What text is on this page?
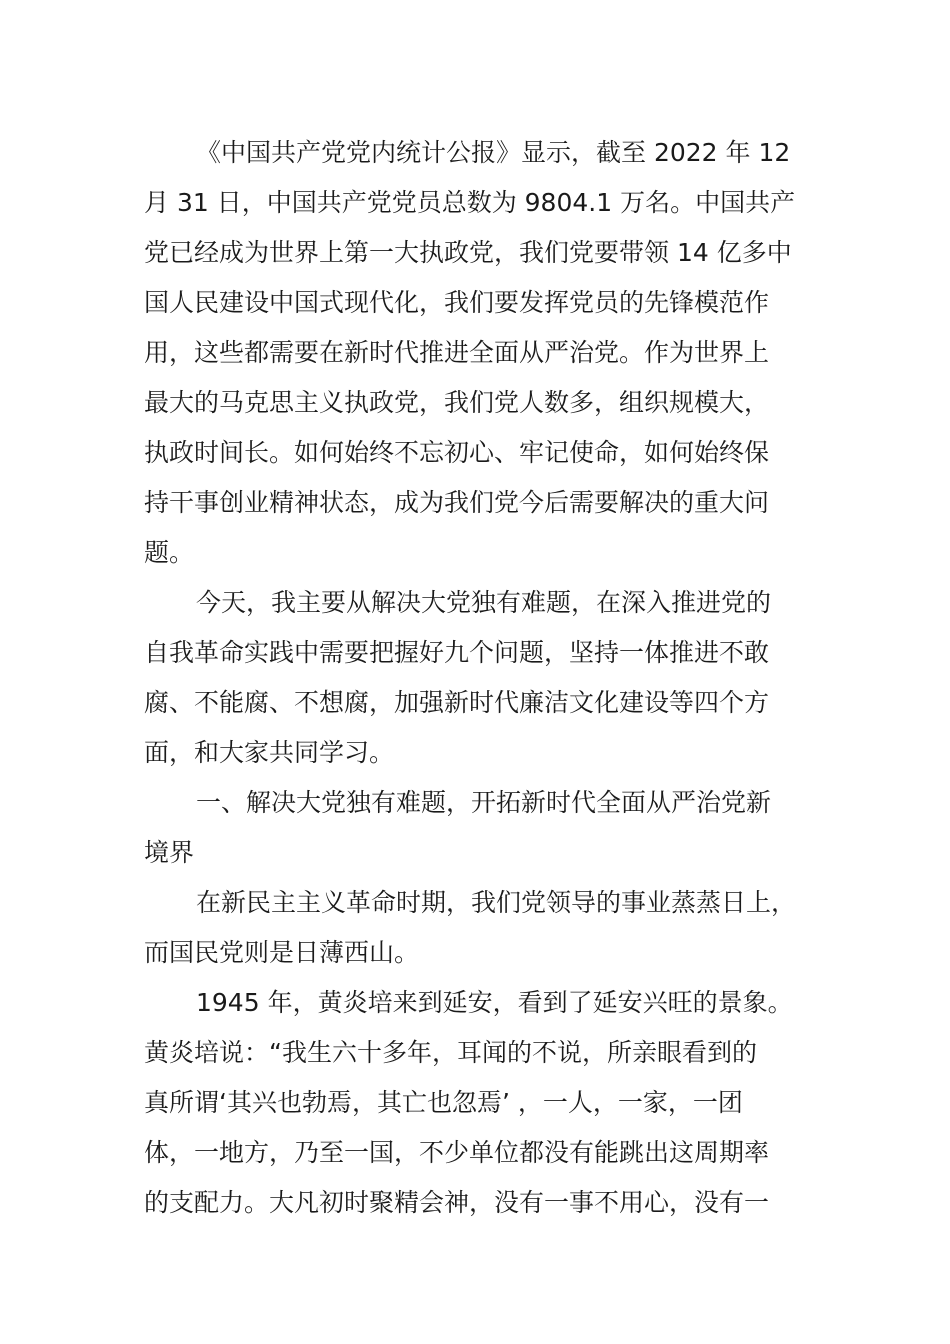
《中国共产党党内统计公报》显示，截至 2022 年 12
月 31 日，中国共产党党员总数为 9804.1 万名。中国共产
党已经成为世界上第一大执政党，我们党要带领 14 亿多中
国人民建设中国式现代化，我们要发挥党员的先锋模范作
用，这些都需要在新时代推进全面从严治党。作为世界上
最大的马克思主义执政党，我们党人数多，组织规模大，
执政时间长。如何始终不忘初心、牢记使命，如何始终保
持干事创业精神状态，成为我们党今后需要解决的重大问
题。
今天，我主要从解决大党独有难题，在深入推进党的
自我革命实践中需要把握好九个问题，坚持一体推进不敢
腐、不能腐、不想腐，加强新时代廉洁文化建设等四个方
面，和大家共同学习。
一、解决大党独有难题，开拓新时代全面从严治党新
境界
在新民主主义革命时期，我们党领导的事业蒸蒸日上，
而国民党则是日薄西山。
1945 年，黄炎培来到延安，看到了延安兴旺的景象。
黄炎培说：“我生六十多年，耳闻的不说，所亲眼看到的
真所谓‘其兴也勃焉，其亡也忽焉’ ，一人，一家，一团
体，一地方，乃至一国，不少单位都没有能跳出这周期率
的支配力。大凡初时聚精会神，没有一事不用心，没有一
